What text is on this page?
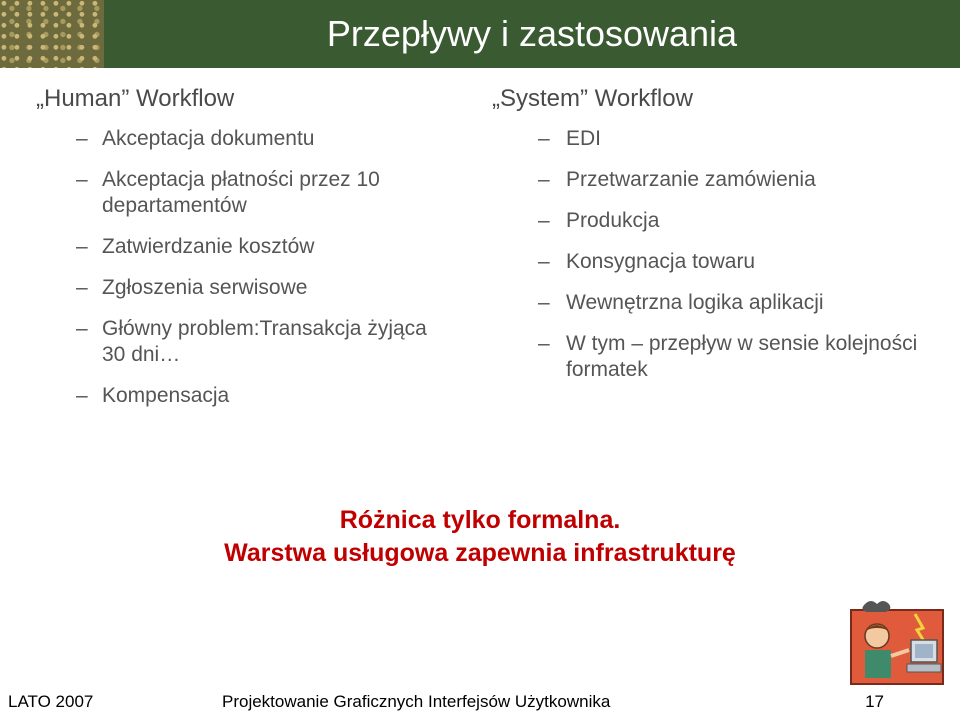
Przepływy i zastosowania
„Human” Workflow
– Akceptacja dokumentu
– Akceptacja płatności przez 10 departamentów
– Zatwierdzanie kosztów
– Zgłoszenia serwisowe
– Główny problem:Transakcja żyjąca 30 dni…
– Kompensacja
„System” Workflow
– EDI
– Przetwarzanie zamówienia
– Produkcja
– Konsygnacja towaru
– Wewnętrzna logika aplikacji
– W tym – przepływ w sensie kolejności formatek
Różnica tylko formalna.
Warstwa usługowa zapewnia infrastrukturę
LATO 2007	Projektowanie Graficznych Interfejsów Użytkownika	17
